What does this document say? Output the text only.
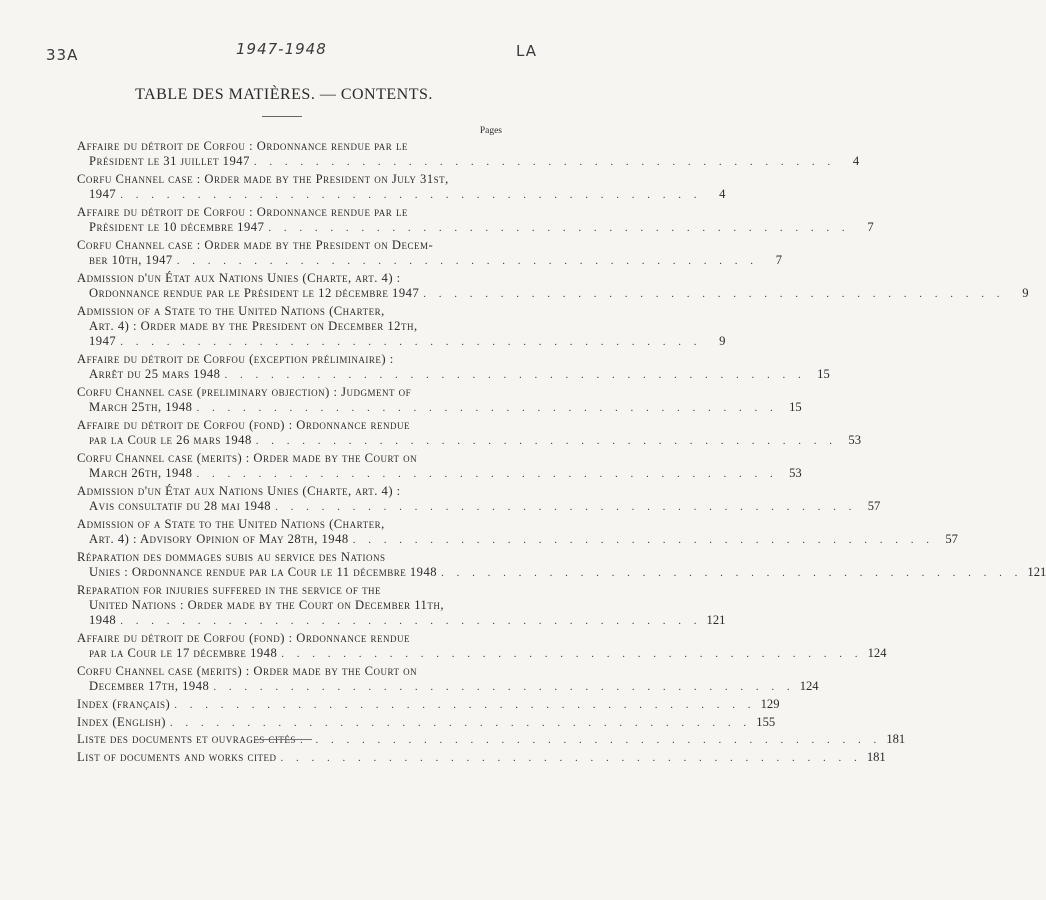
33A	1947-1948	LA
TABLE DES MATIÈRES. — CONTENTS.
Pages
Affaire du détroit de Corfou : Ordonnance rendue par le
Président le 31 juillet 1947 . . . . . . . . . . . . . . . . . . . . . . . . . . . . . . . . . . . . . .	4
Corfu Channel case : Order made by the President on July 31st,
1947 . . . . . . . . . . . . . . . . . . . . . . . . . . . . . . . . . . . . . .	4
Affaire du détroit de Corfou : Ordonnance rendue par le
Président le 10 décembre 1947 . . . . . . . . . . . . . . . . . . . . . . . . . . . . . . . . . . . . . .	7
Corfu Channel case : Order made by the President on Decem-
ber 10th, 1947 . . . . . . . . . . . . . . . . . . . . . . . . . . . . . . . . . . . . . .	7
Admission d'un État aux Nations Unies (Charte, art. 4) :
Ordonnance rendue par le Président le 12 décembre 1947 . . . . . . . . . . . . . . . . . . . . . . . . . . . . . . . . . . . . . .	9
Admission of a State to the United Nations (Charter,
Art. 4) : Order made by the President on December 12th,
1947 . . . . . . . . . . . . . . . . . . . . . . . . . . . . . . . . . . . . . .	9
Affaire du détroit de Corfou (exception préliminaire) :
Arrêt du 25 mars 1948 . . . . . . . . . . . . . . . . . . . . . . . . . . . . . . . . . . . . . . 15
Corfu Channel case (preliminary objection) : Judgment of
March 25th, 1948 . . . . . . . . . . . . . . . . . . . . . . . . . . . . . . . . . . . . . . 15
Affaire du détroit de Corfou (fond) : Ordonnance rendue
par la Cour le 26 mars 1948 . . . . . . . . . . . . . . . . . . . . . . . . . . . . . . . . . . . . . . 53
Corfu Channel case (merits) : Order made by the Court on
March 26th, 1948 . . . . . . . . . . . . . . . . . . . . . . . . . . . . . . . . . . . . . . 53
Admission d'un État aux Nations Unies (Charte, art. 4) :
Avis consultatif du 28 mai 1948 . . . . . . . . . . . . . . . . . . . . . . . . . . . . . . . . . . . . . . 57
Admission of a State to the United Nations (Charter,
Art. 4) : Advisory Opinion of May 28th, 1948 . . . . . . . . . . . . . . . . . . . . . . . . . . . . . . . . . . . . . . 57
Réparation des dommages subis au service des Nations
Unies : Ordonnance rendue par la Cour le 11 décembre 1948 . . . . . . . . . . . . . . . . . . . . . . . . . . . . . . . . . . . . . . 121
Reparation for injuries suffered in the service of the
United Nations : Order made by the Court on December 11th,
1948 . . . . . . . . . . . . . . . . . . . . . . . . . . . . . . . . . . . . . . 121
Affaire du détroit de Corfou (fond) : Ordonnance rendue
par la Cour le 17 décembre 1948 . . . . . . . . . . . . . . . . . . . . . . . . . . . . . . . . . . . . . . 124
Corfu Channel case (merits) : Order made by the Court on
December 17th, 1948 . . . . . . . . . . . . . . . . . . . . . . . . . . . . . . . . . . . . . . 124
Index (français) . . . . . . . . . . . . . . . . . . . . . . . . . . . . . . . . . . . . . . 129
Index (English) . . . . . . . . . . . . . . . . . . . . . . . . . . . . . . . . . . . . . . 155
Liste des documents et ouvrages cités . . . . . . . . . . . . . . . . . . . . . . . . . . . . . . . . . . . . . . 181
List of documents and works cited . . . . . . . . . . . . . . . . . . . . . . . . . . . . . . . . . . . . . . 181
